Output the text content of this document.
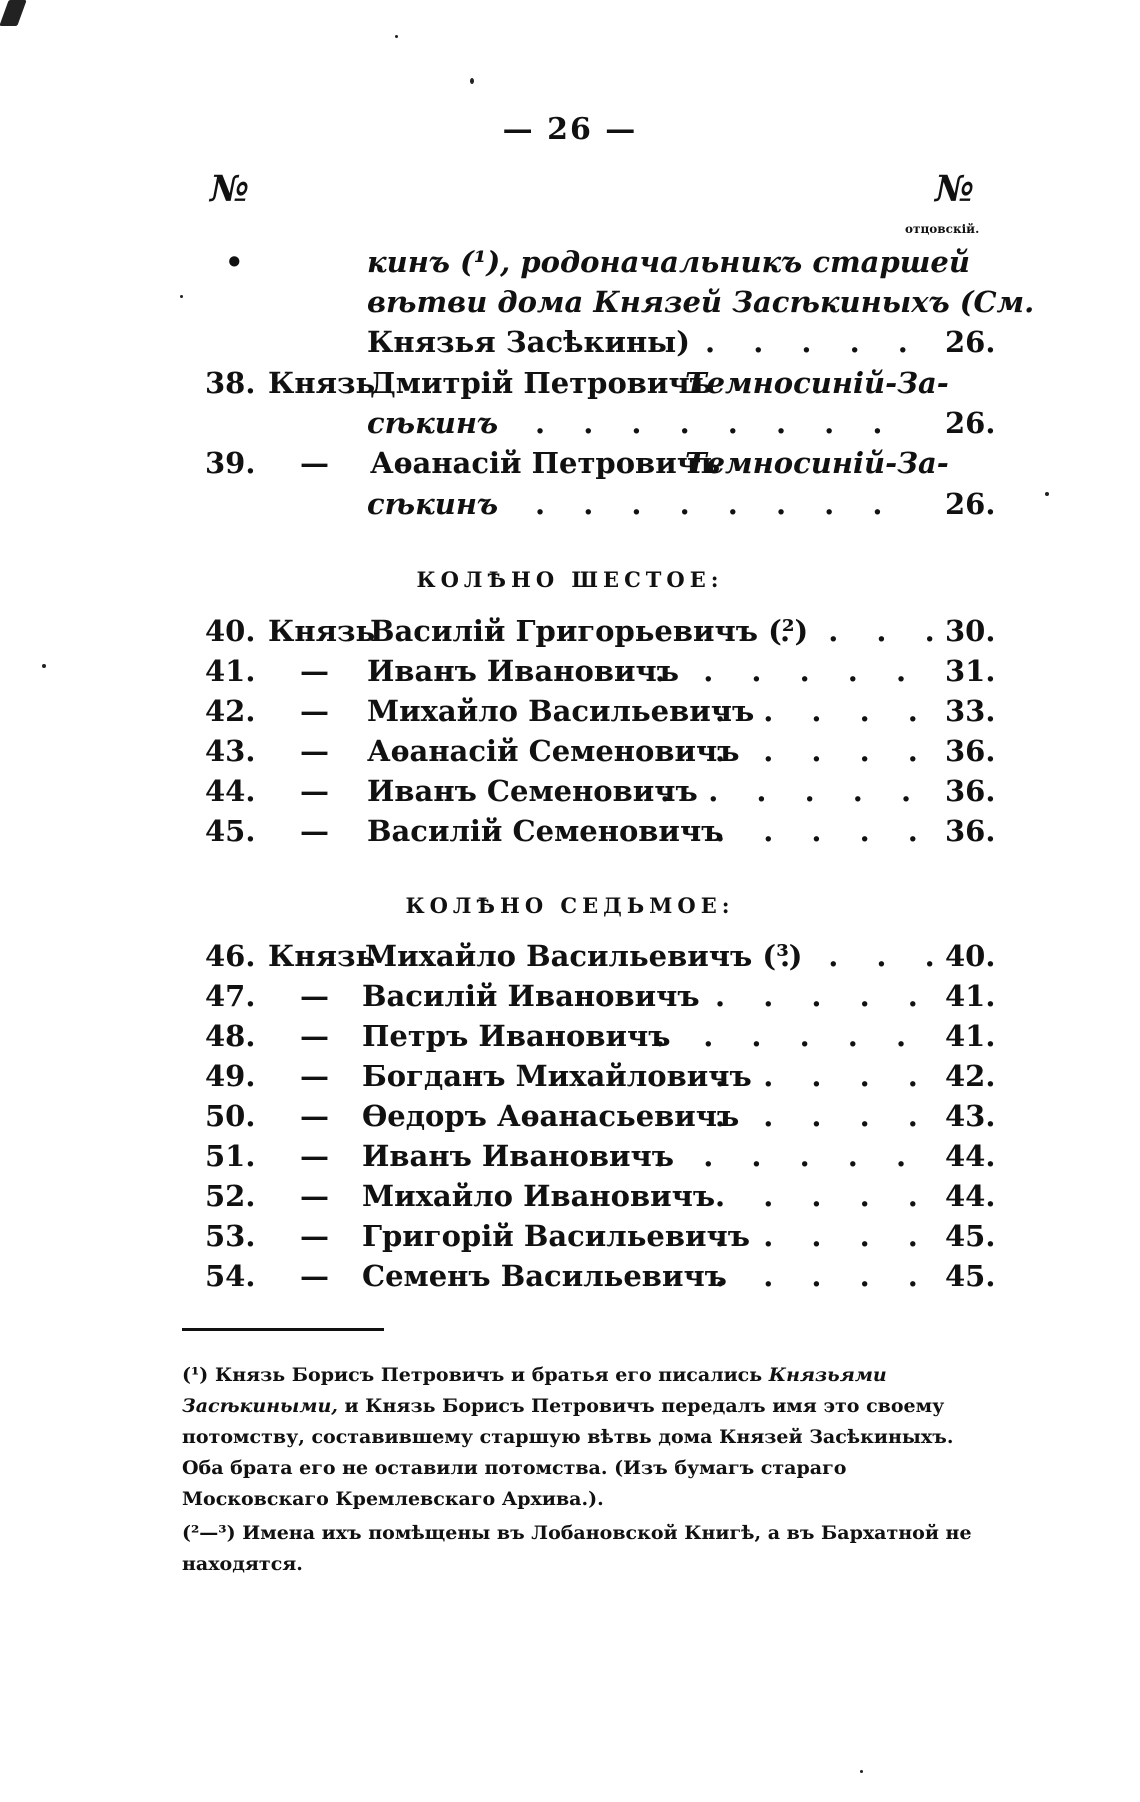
— 26 —
№	№
отцовскій.
•	кинъ (¹), родоначальникъ старшей
вѣтви дома Князей Засѣкиныхъ (См.
Князья Засѣкины) . . . . . 26.
38. Князь
Дмитрій Петровичъ
Темносиній-За-
сѣкинъ . . . . . . . . 26.
39. — Аѳанасій Петровичъ
Темносиній-За-
сѣкинъ . . . . . . . . 26.
КОЛѢНО ШЕСТОЕ:
40. Князь
Василій Григорьевичъ (²)
. . . .
30.
41. — Иванъ Ивановичъ
. . . . . . 31.
42. — Михайло Васильевичъ
. . . . . 33.
43. — Аѳанасій Семеновичъ
. . . . . 36.
44. — Иванъ Семеновичъ
. . . . . . 36.
45. — Василій Семеновичъ
. . . . . 36.
КОЛѢНО СЕДЬМОЕ:
46. Князь
Михайло Васильевичъ (³)
. . . .
40.
47. — Василій Ивановичъ . . . . . 41.
48. — Петръ Ивановичъ
. . . . . . 41.
49. — Богданъ Михайловичъ
. . . . . 42.
50. — Ѳедоръ Аѳанасьевичъ
. . . . . 43.
51. — Иванъ Ивановичъ
. . . . . . 44.
52. — Михайло Ивановичъ . . . . . 44.
53. — Григорій Васильевичъ
. . . . . 45.
54. — Семенъ Васильевичъ
. . . . . 45.
(¹) Князь Борисъ Петровичъ и братья его писались Князьями Засѣкиными, и Князь Борисъ Петровичъ передалъ имя это своему потомству, составившему старшую вѣтвь дома Князей Засѣкиныхъ. Оба брата его не оставили потомства. (Изъ бумагъ стараго Московскаго Кремлевскаго Архива.).
(²—³) Имена ихъ помѣщены въ Лобановской Книгѣ, а въ Бархатной не находятся.
